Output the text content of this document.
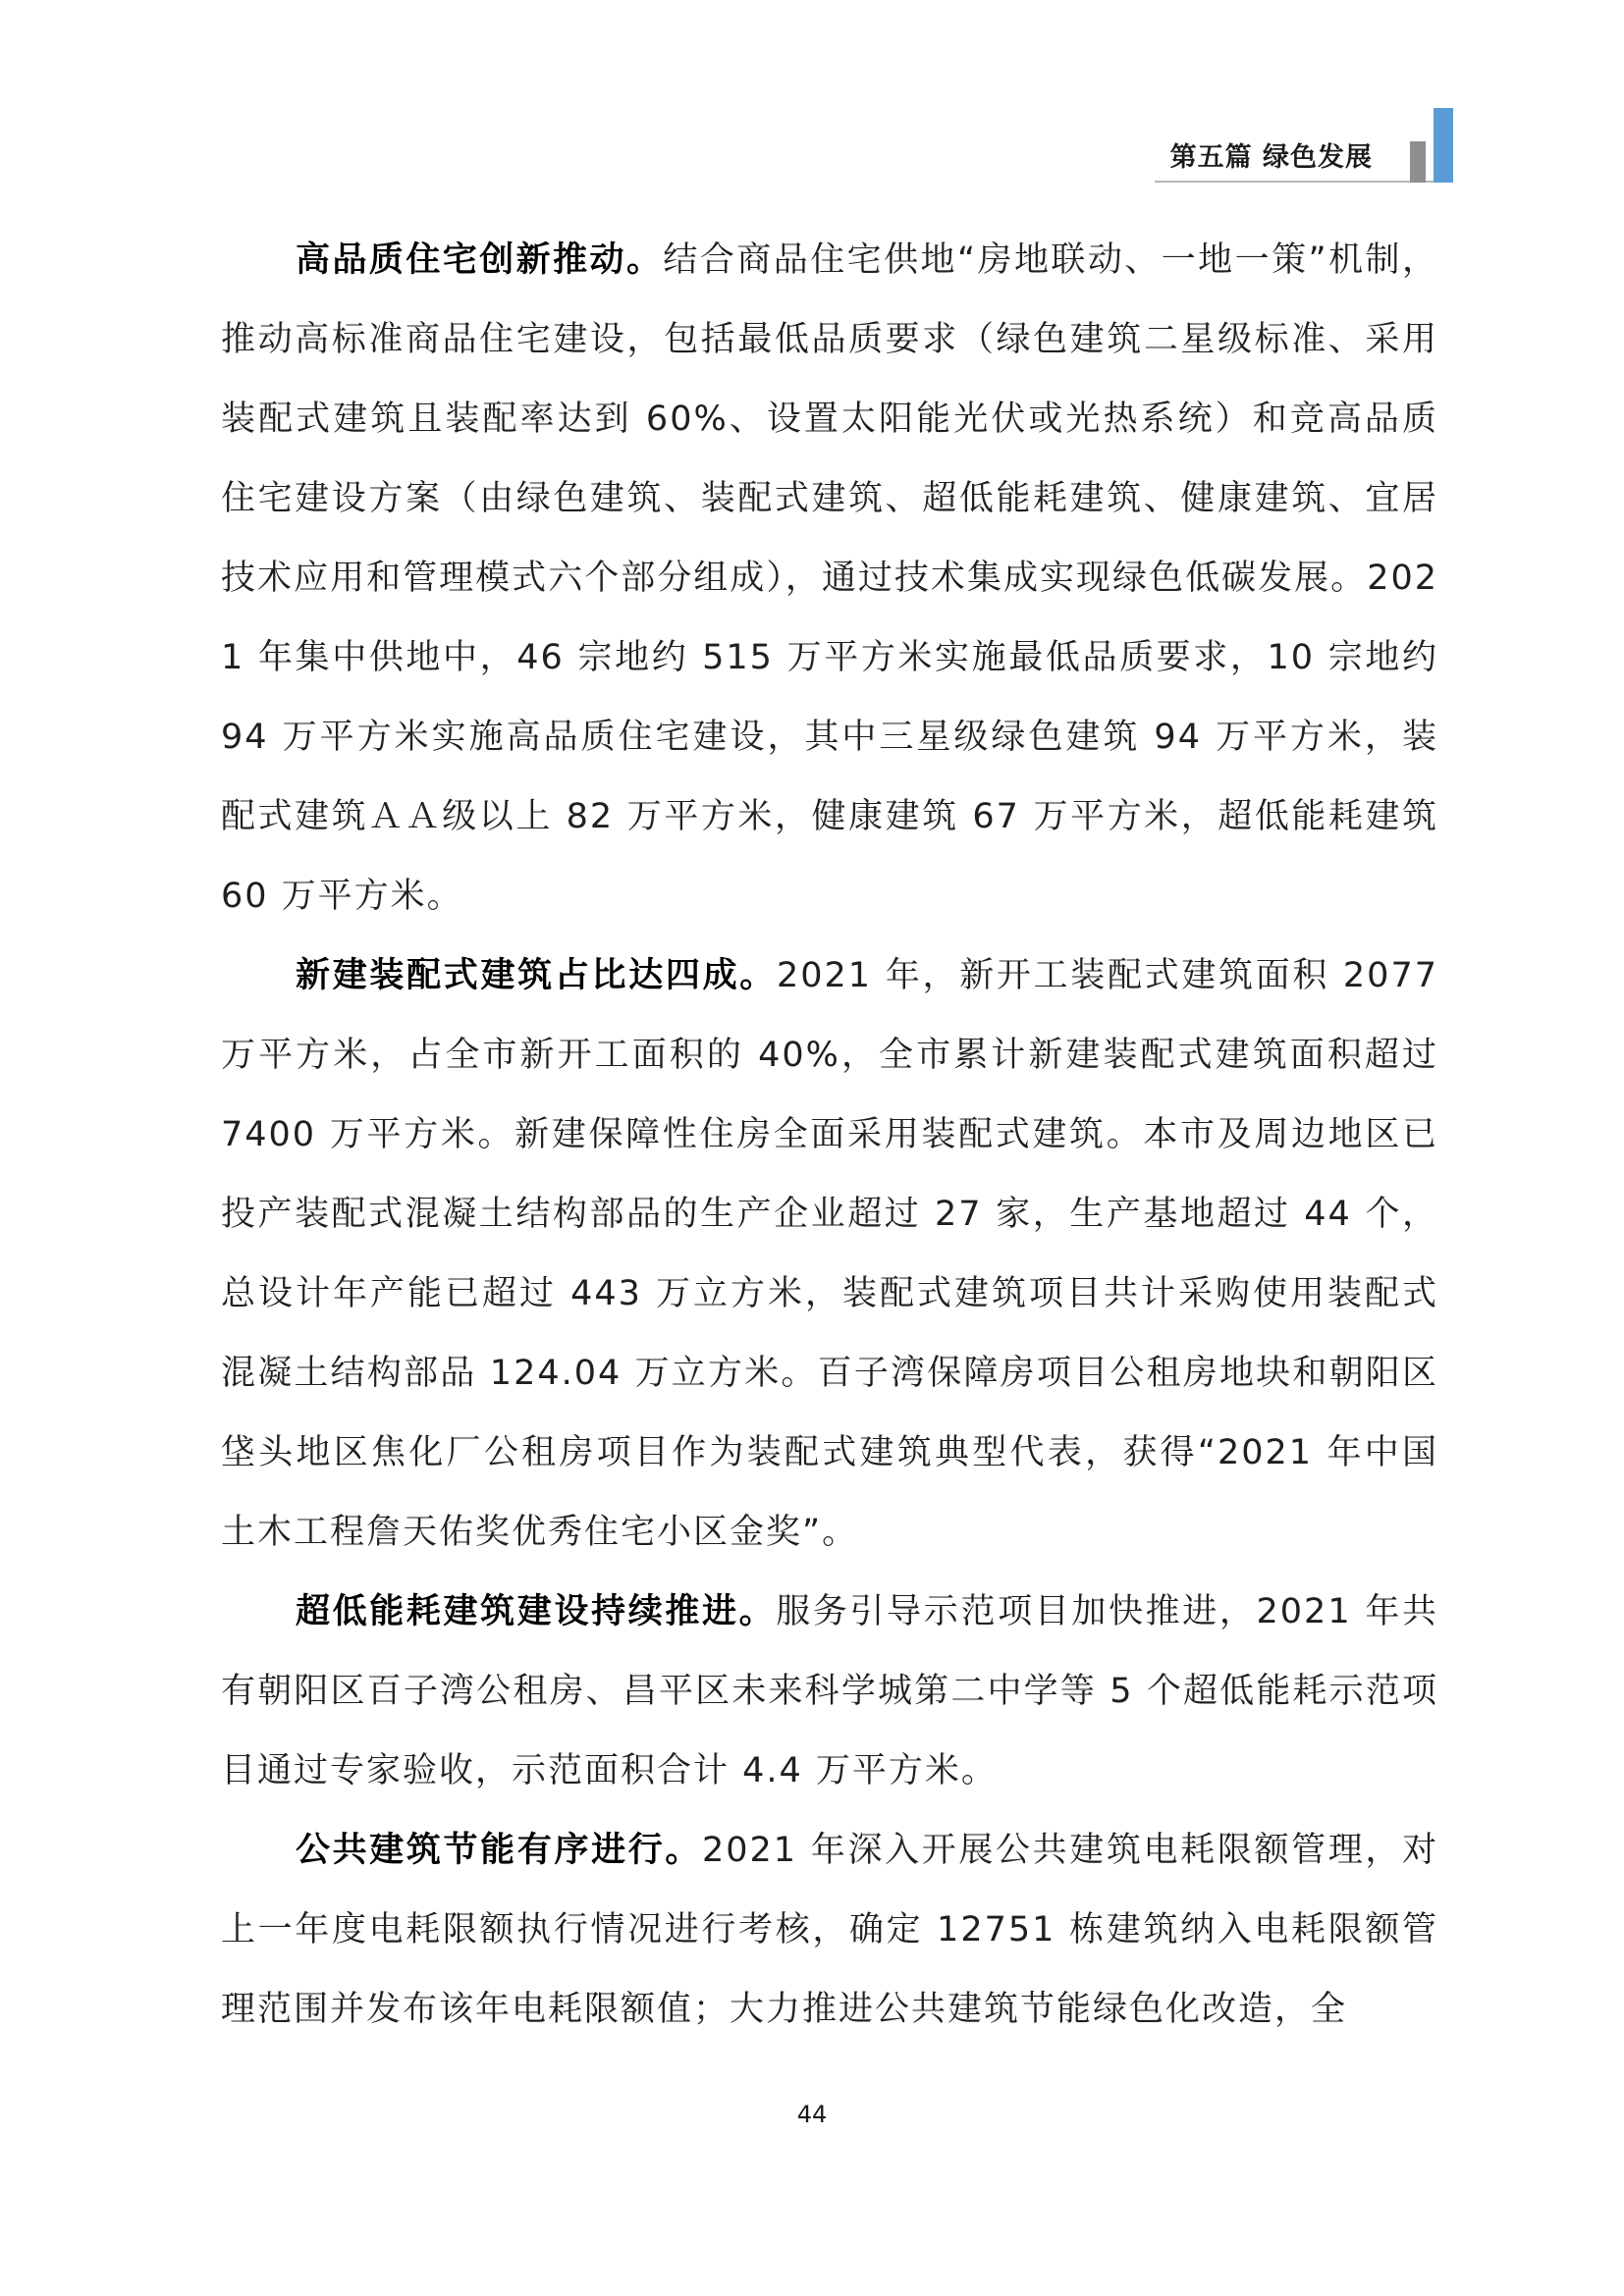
第五篇 绿色发展

高品质住宅创新推动。结合商品住宅供地“房地联动、一地一策”机制，推动高标准商品住宅建设，包括最低品质要求（绿色建筑二星级标准、采用装配式建筑且装配率达到 60%、设置太阳能光伏或光热系统）和竞高品质住宅建设方案（由绿色建筑、装配式建筑、超低能耗建筑、健康建筑、宜居技术应用和管理模式六个部分组成），通过技术集成实现绿色低碳发展。2021 年集中供地中，46 宗地约 515 万平方米实施最低品质要求，10 宗地约 94 万平方米实施高品质住宅建设，其中三星级绿色建筑 94 万平方米，装配式建筑ＡＡ级以上 82 万平方米，健康建筑 67 万平方米，超低能耗建筑 60 万平方米。

新建装配式建筑占比达四成。2021 年，新开工装配式建筑面积 2077 万平方米，占全市新开工面积的 40%，全市累计新建装配式建筑面积超过 7400 万平方米。新建保障性住房全面采用装配式建筑。本市及周边地区已投产装配式混凝土结构部品的生产企业超过 27 家，生产基地超过 44 个，总设计年产能已超过 443 万立方米，装配式建筑项目共计采购使用装配式混凝土结构部品 124.04 万立方米。百子湾保障房项目公租房地块和朝阳区垡头地区焦化厂公租房项目作为装配式建筑典型代表，获得“2021 年中国土木工程詹天佑奖优秀住宅小区金奖”。

超低能耗建筑建设持续推进。服务引导示范项目加快推进，2021 年共有朝阳区百子湾公租房、昌平区未来科学城第二中学等 5 个超低能耗示范项目通过专家验收，示范面积合计 4.4 万平方米。

公共建筑节能有序进行。2021 年深入开展公共建筑电耗限额管理，对上一年度电耗限额执行情况进行考核，确定 12751 栋建筑纳入电耗限额管理范围并发布该年电耗限额值；大力推进公共建筑节能绿色化改造，全

44
